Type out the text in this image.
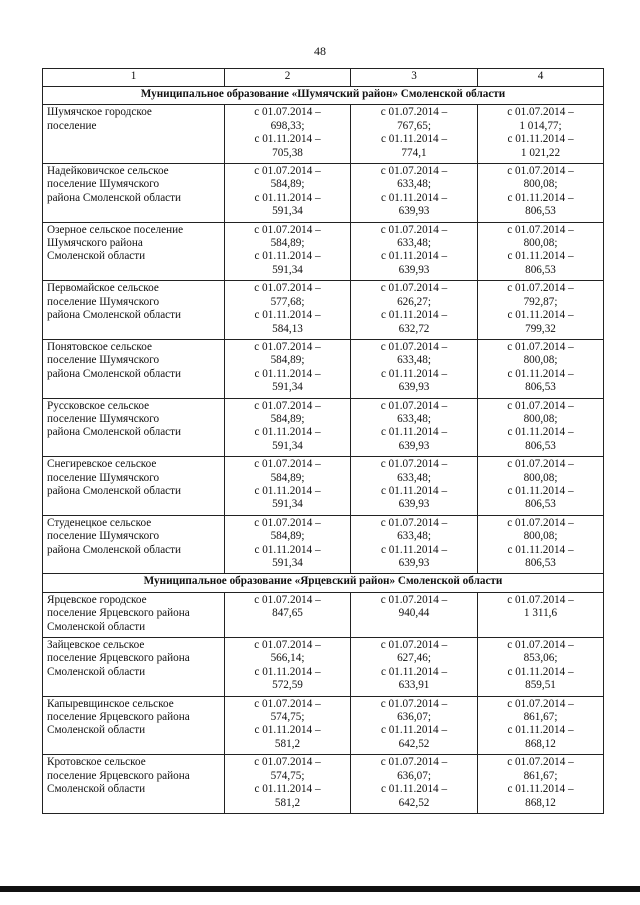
48
1	2	3	4
Муниципальное образование «Шумячский район» Смоленской области			

Шумячское городское
поселение	с 01.07.2014 –
698,33;
с 01.11.2014 –
705,38	с 01.07.2014 –
767,65;
с 01.11.2014 –
774,1	с 01.07.2014 –
1 014,77;
с 01.11.2014 –
1 021,22

Надейковичское сельское
поселение Шумячского
района Смоленской области	с 01.07.2014 –
584,89;
с 01.11.2014 –
591,34	с 01.07.2014 –
633,48;
с 01.11.2014 –
639,93	с 01.07.2014 –
800,08;
с 01.11.2014 –
806,53

Озерное сельское поселение
Шумячского района
Смоленской области	с 01.07.2014 –
584,89;
с 01.11.2014 –
591,34	с 01.07.2014 –
633,48;
с 01.11.2014 –
639,93	с 01.07.2014 –
800,08;
с 01.11.2014 –
806,53

Первомайское сельское
поселение Шумячского
района Смоленской области	с 01.07.2014 –
577,68;
с 01.11.2014 –
584,13	с 01.07.2014 –
626,27;
с 01.11.2014 –
632,72	с 01.07.2014 –
792,87;
с 01.11.2014 –
799,32

Понятовское сельское
поселение Шумячского
района Смоленской области	с 01.07.2014 –
584,89;
с 01.11.2014 –
591,34	с 01.07.2014 –
633,48;
с 01.11.2014 –
639,93	с 01.07.2014 –
800,08;
с 01.11.2014 –
806,53

Руссковское сельское
поселение Шумячского
района Смоленской области	с 01.07.2014 –
584,89;
с 01.11.2014 –
591,34	с 01.07.2014 –
633,48;
с 01.11.2014 –
639,93	с 01.07.2014 –
800,08;
с 01.11.2014 –
806,53

Снегиревское сельское
поселение Шумячского
района Смоленской области	с 01.07.2014 –
584,89;
с 01.11.2014 –
591,34	с 01.07.2014 –
633,48;
с 01.11.2014 –
639,93	с 01.07.2014 –
800,08;
с 01.11.2014 –
806,53

Студенецкое сельское
поселение Шумячского
района Смоленской области	с 01.07.2014 –
584,89;
с 01.11.2014 –
591,34	с 01.07.2014 –
633,48;
с 01.11.2014 –
639,93	с 01.07.2014 –
800,08;
с 01.11.2014 –
806,53

Муниципальное образование «Ярцевский район» Смоленской области			

Ярцевское городское
поселение Ярцевского района
Смоленской области	с 01.07.2014 –
847,65	с 01.07.2014 –
940,44	с 01.07.2014 –
1 311,6

Зайцевское сельское
поселение Ярцевского района
Смоленской области	с 01.07.2014 –
566,14;
с 01.11.2014 –
572,59	с 01.07.2014 –
627,46;
с 01.11.2014 –
633,91	с 01.07.2014 –
853,06;
с 01.11.2014 –
859,51

Капыревщинское сельское
поселение Ярцевского района
Смоленской области	с 01.07.2014 –
574,75;
с 01.11.2014 –
581,2	с 01.07.2014 –
636,07;
с 01.11.2014 –
642,52	с 01.07.2014 –
861,67;
с 01.11.2014 –
868,12

Кротовское сельское
поселение Ярцевского района
Смоленской области	с 01.07.2014 –
574,75;
с 01.11.2014 –
581,2	с 01.07.2014 –
636,07;
с 01.11.2014 –
642,52	с 01.07.2014 –
861,67;
с 01.11.2014 –
868,12
